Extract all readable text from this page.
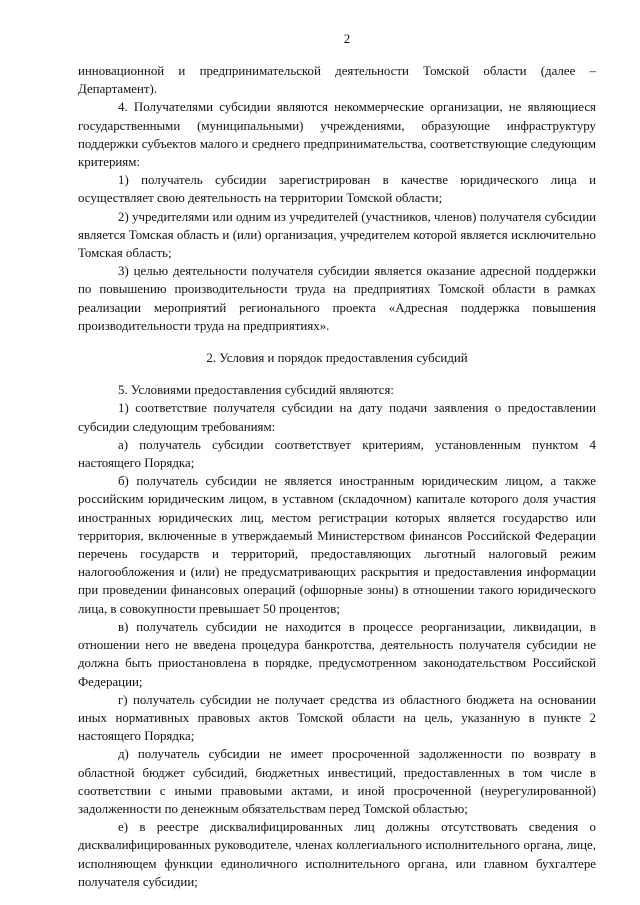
2

инновационной и предпринимательской деятельности Томской области (далее – Департамент).

4. Получателями субсидии являются некоммерческие организации, не являющиеся государственными (муниципальными) учреждениями, образующие инфраструктуру поддержки субъектов малого и среднего предпринимательства, соответствующие следующим критериям:

1) получатель субсидии зарегистрирован в качестве юридического лица и осуществляет свою деятельность на территории Томской области;

2) учредителями или одним из учредителей (участников, членов) получателя субсидии является Томская область и (или) организация, учредителем которой является исключительно Томская область;

3) целью деятельности получателя субсидии является оказание адресной поддержки по повышению производительности труда на предприятиях Томской области в рамках реализации мероприятий регионального проекта «Адресная поддержка повышения производительности труда на предприятиях».

2. Условия и порядок предоставления субсидий

5. Условиями предоставления субсидий являются:

1) соответствие получателя субсидии на дату подачи заявления о предоставлении субсидии следующим требованиям:

а) получатель субсидии соответствует критериям, установленным пунктом 4 настоящего Порядка;

б) получатель субсидии не является иностранным юридическим лицом, а также российским юридическим лицом, в уставном (складочном) капитале которого доля участия иностранных юридических лиц, местом регистрации которых является государство или территория, включенные в утверждаемый Министерством финансов Российской Федерации перечень государств и территорий, предоставляющих льготный налоговый режим налогообложения и (или) не предусматривающих раскрытия и предоставления информации при проведении финансовых операций (офшорные зоны) в отношении такого юридического лица, в совокупности превышает 50 процентов;

в) получатель субсидии не находится в процессе реорганизации, ликвидации, в отношении него не введена процедура банкротства, деятельность получателя субсидии не должна быть приостановлена в порядке, предусмотренном законодательством Российской Федерации;

г) получатель субсидии не получает средства из областного бюджета на основании иных нормативных правовых актов Томской области на цель, указанную в пункте 2 настоящего Порядка;

д) получатель субсидии не имеет просроченной задолженности по возврату в областной бюджет субсидий, бюджетных инвестиций, предоставленных в том числе в соответствии с иными правовыми актами, и иной просроченной (неурегулированной) задолженности по денежным обязательствам перед Томской областью;

е) в реестре дисквалифицированных лиц должны отсутствовать сведения о дисквалифицированных руководителе, членах коллегиального исполнительного органа, лице, исполняющем функции единоличного исполнительного органа, или главном бухгалтере получателя субсидии;
